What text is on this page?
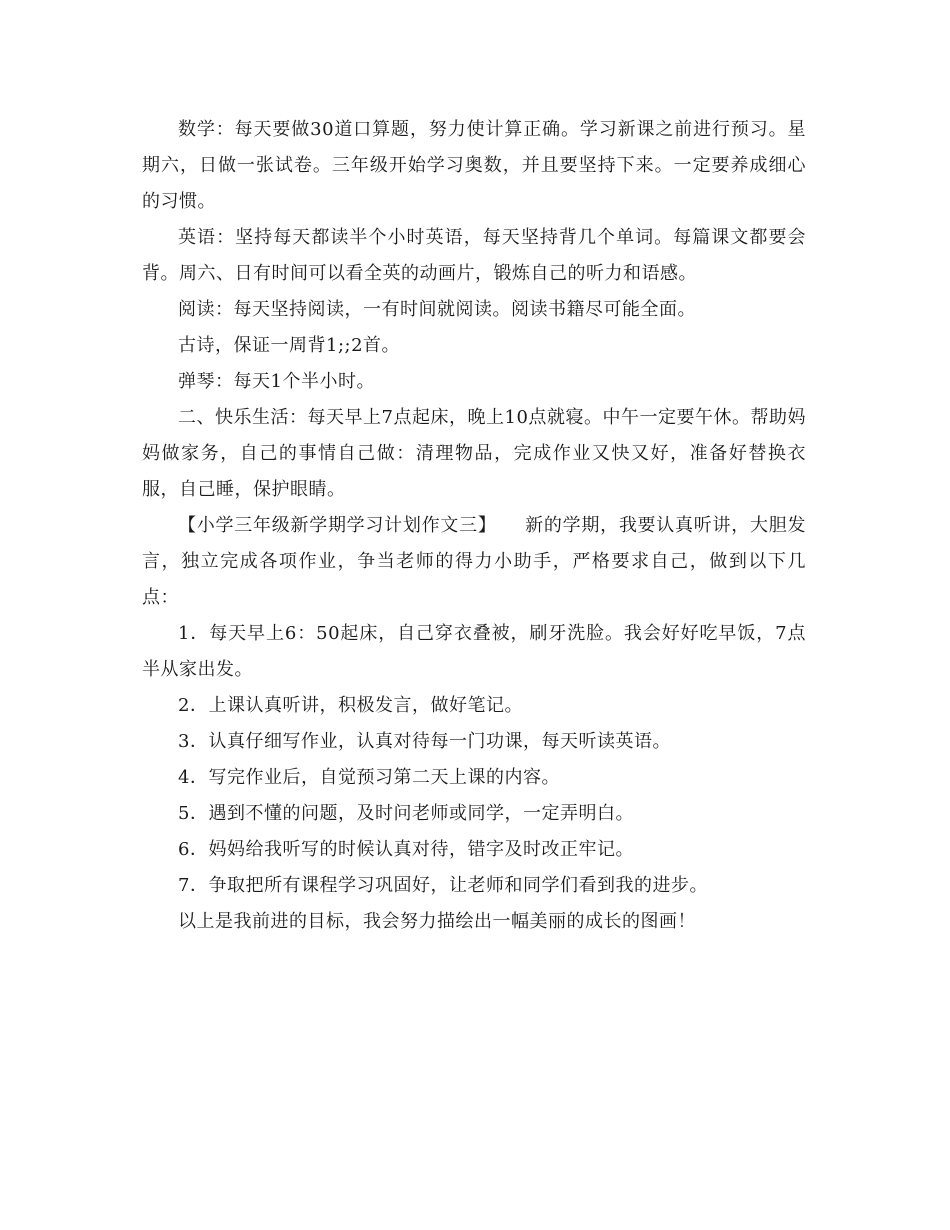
数学：每天要做30道口算题，努力使计算正确。学习新课之前进行预习。星期六，日做一张试卷。三年级开始学习奥数，并且要坚持下来。一定要养成细心的习惯。

英语：坚持每天都读半个小时英语，每天坚持背几个单词。每篇课文都要会背。周六、日有时间可以看全英的动画片，锻炼自己的听力和语感。

阅读：每天坚持阅读，一有时间就阅读。阅读书籍尽可能全面。

古诗，保证一周背1;;2首。

弹琴：每天1个半小时。

二、快乐生活：每天早上7点起床，晚上10点就寝。中午一定要午休。帮助妈妈做家务，自己的事情自己做：清理物品，完成作业又快又好，准备好替换衣服，自己睡，保护眼睛。

【小学三年级新学期学习计划作文三】　　新的学期，我要认真听讲，大胆发言，独立完成各项作业，争当老师的得力小助手，严格要求自己，做到以下几点：

1．每天早上6：50起床，自己穿衣叠被，刷牙洗脸。我会好好吃早饭，7点半从家出发。

2．上课认真听讲，积极发言，做好笔记。

3．认真仔细写作业，认真对待每一门功课，每天听读英语。

4．写完作业后，自觉预习第二天上课的内容。

5．遇到不懂的问题，及时问老师或同学，一定弄明白。

6．妈妈给我听写的时候认真对待，错字及时改正牢记。

7．争取把所有课程学习巩固好，让老师和同学们看到我的进步。

以上是我前进的目标，我会努力描绘出一幅美丽的成长的图画！
